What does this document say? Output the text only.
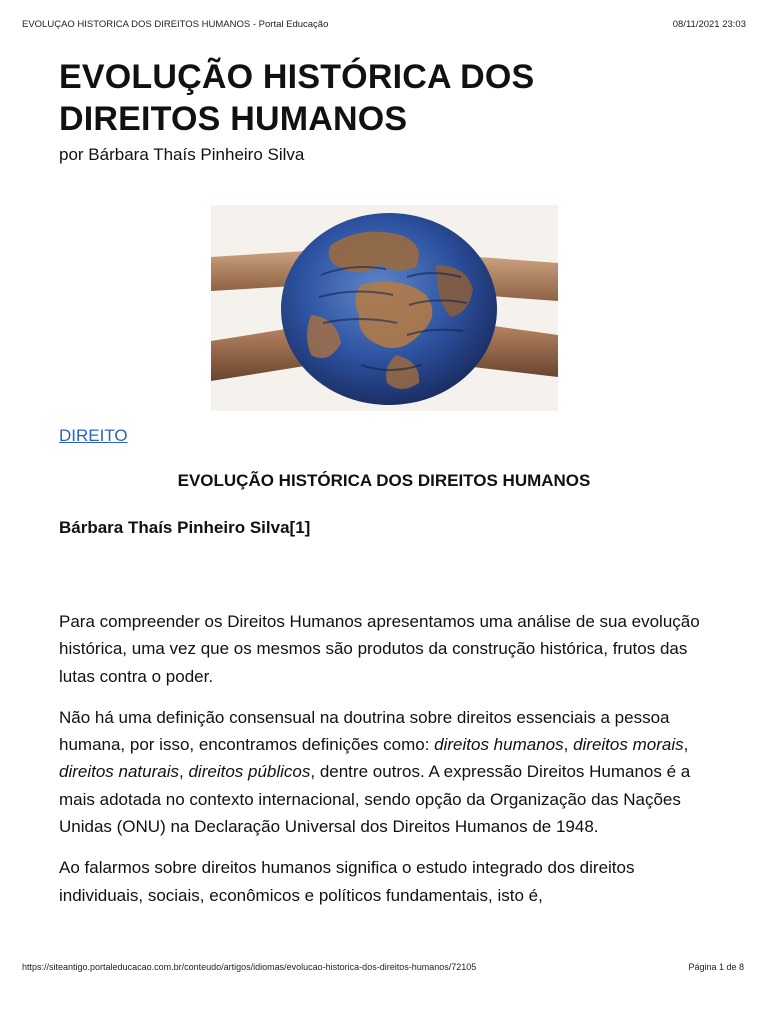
EVOLUÇAO HISTORICA DOS DIREITOS HUMANOS - Portal Educação	08/11/2021 23:03
EVOLUÇÃO HISTÓRICA DOS
DIREITOS HUMANOS
por Bárbara Thaís Pinheiro Silva
DIREITO
EVOLUÇÃO HISTÓRICA DOS DIREITOS HUMANOS
Bárbara Thaís Pinheiro Silva[1]

Para compreender os Direitos Humanos apresentamos uma análise de sua evolução histórica, uma vez que os mesmos são produtos da construção histórica, frutos das lutas contra o poder.

Não há uma definição consensual na doutrina sobre direitos essenciais a pessoa humana, por isso, encontramos definições como: direitos humanos, direitos morais, direitos naturais, direitos públicos, dentre outros. A expressão Direitos Humanos é a mais adotada no contexto internacional, sendo opção da Organização das Nações Unidas (ONU) na Declaração Universal dos Direitos Humanos de 1948.

Ao falarmos sobre direitos humanos significa o estudo integrado dos direitos individuais, sociais, econômicos e políticos fundamentais, isto é,

https://siteantigo.portaleducacao.com.br/conteudo/artigos/idiomas/evolucao-historica-dos-direitos-humanos/72105	Página 1 de 8
